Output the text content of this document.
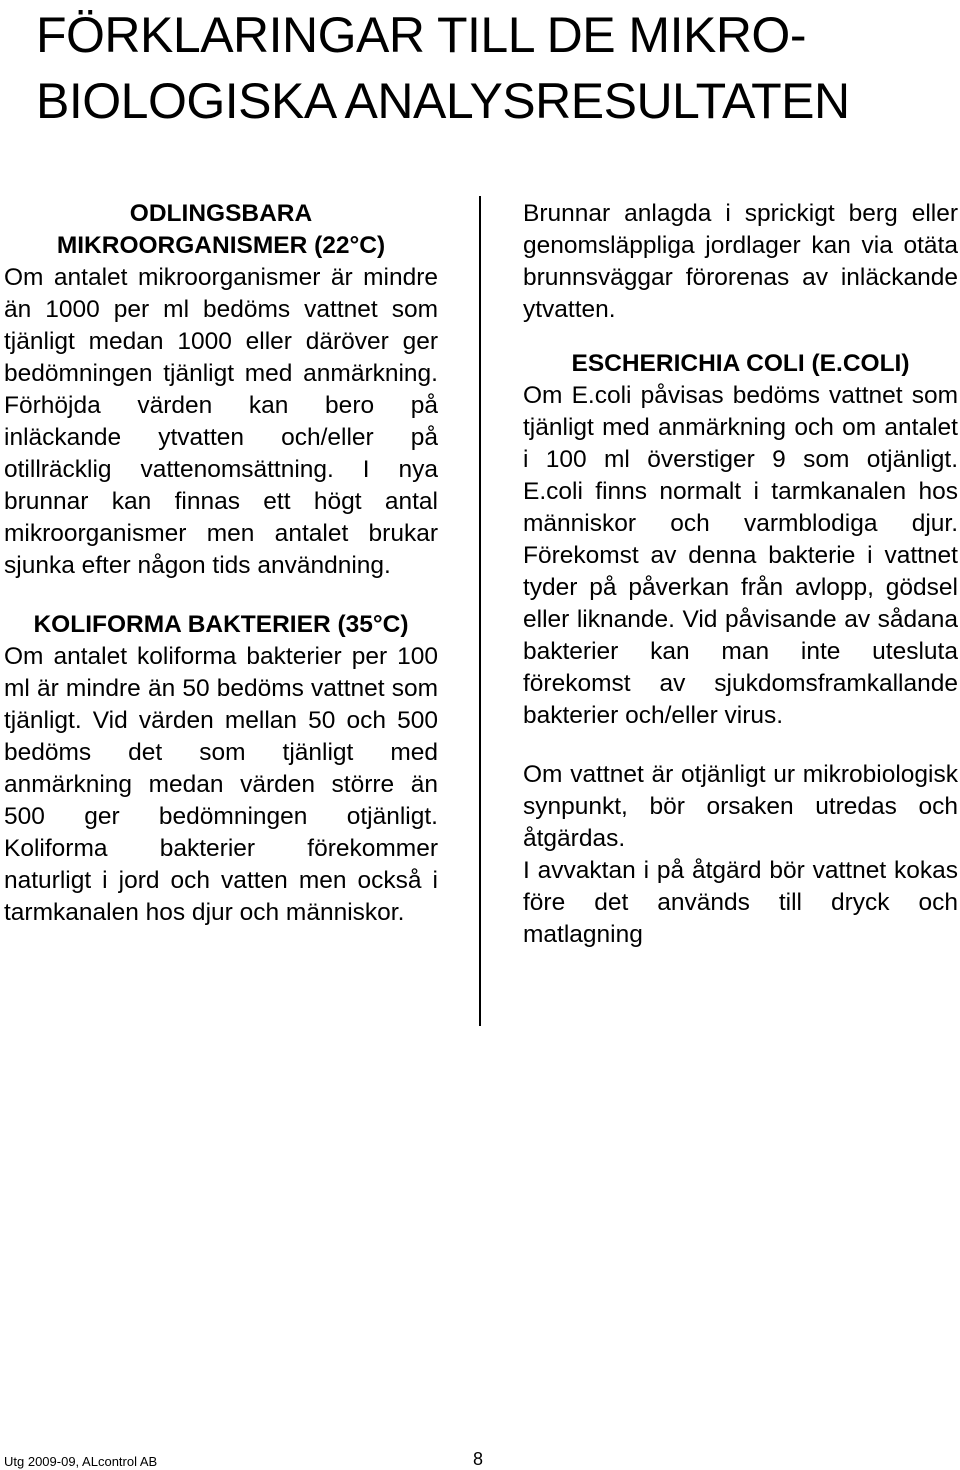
FÖRKLARINGAR TILL DE MIKRO-
BIOLOGISKA ANALYSRESULTATEN
ODLINGSBARA
MIKROORGANISMER (22°C)

Om antalet mikroorganismer är mindre än 1000 per ml bedöms vattnet som tjänligt medan 1000 eller däröver ger bedömningen tjänligt med anmärkning. Förhöjda värden kan bero på inläckande ytvatten och/eller på otillräcklig vattenomsättning. I nya brunnar kan finnas ett högt antal mikroorganismer men antalet brukar sjunka efter någon tids användning.

KOLIFORMA BAKTERIER (35°C)

Om antalet koliforma bakterier per 100 ml är mindre än 50 bedöms vattnet som tjänligt. Vid värden mellan 50 och 500 bedöms det som tjänligt med anmärkning medan värden större än 500 ger bedömningen otjänligt. Koliforma bakterier förekommer naturligt i jord och vatten men också i tarmkanalen hos djur och människor.

Brunnar anlagda i sprickigt berg eller genomsläppliga jordlager kan via otäta brunnsväggar förorenas av inläckande ytvatten.

ESCHERICHIA COLI (E.COLI)

Om E.coli påvisas bedöms vattnet som tjänligt med anmärkning och om antalet i 100 ml överstiger 9 som otjänligt. E.coli finns normalt i tarmkanalen hos människor och varmblodiga djur. Förekomst av denna bakterie i vattnet tyder på påverkan från avlopp, gödsel eller liknande. Vid påvisande av sådana bakterier kan man inte utesluta förekomst av sjukdomsframkallande bakterier och/eller virus.

Om vattnet är otjänligt ur mikrobiologisk synpunkt, bör orsaken utredas och åtgärdas.

I avvaktan i på åtgärd bör vattnet kokas före det används till dryck och matlagning

Utg 2009-09, ALcontrol AB	8
